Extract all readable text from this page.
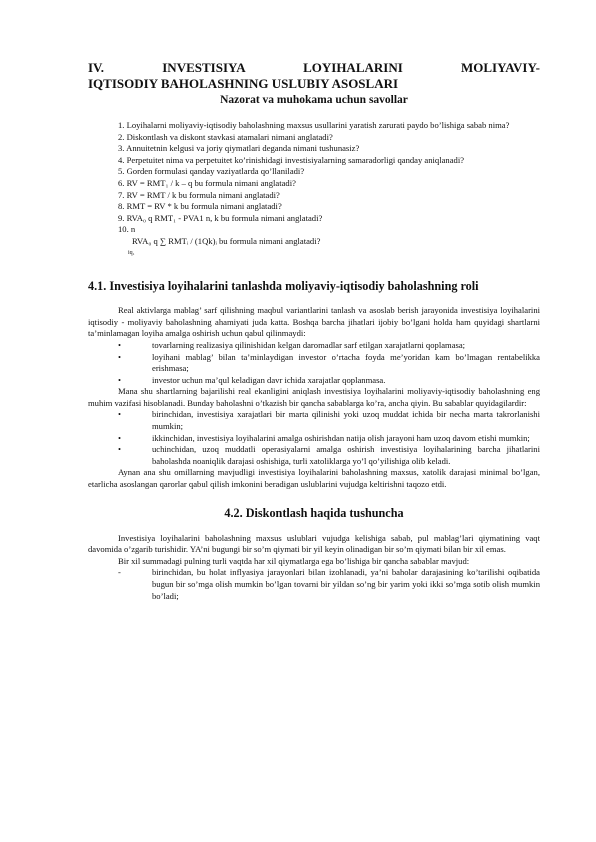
IV. INVESTISIYA LOYIHALARINI MOLIYAVIY-
IQTISODIY BAHOLASHNING USLUBIY ASOSLARI
Nazorat va muhokama uchun savollar
1. Loyihalarni moliyaviy-iqtisodiy baholashning maxsus usullarini yaratish zarurati paydo bo’lishiga sabab nima?
2. Diskontlash va diskont stavkasi atamalari nimani anglatadi?
3. Annuitetnin kelgusi va joriy qiymatlari deganda nimani tushunasiz?
4. Perpetuitet nima va perpetuitet ko’rinishidagi investisiyalarning samaradorligi qanday aniqlanadi?
5. Gorden formulasi qanday vaziyatlarda qo’llaniladi?
6. RV = RMT₁ / k – q bu formula nimani anglatadi?
7. RV = RMT / k bu formula nimani anglatadi?
8. RMT = RV * k bu formula nimani anglatadi?
9. RVA₀ q RMT₁ - PVA1 n, k bu formula nimani anglatadi?
10. n
RVA₀ q ∑ RMTᵢ / (1Qk)ᵢ bu formula nimani anglatadi?
iq₁
4.1. Investisiya loyihalarini tanlashda moliyaviy-iqtisodiy baholashning roli

Real aktivlarga mablag’ sarf qilishning maqbul variantlarini tanlash va asoslab berish jarayonida investisiya loyihalarini iqtisodiy - moliyaviy baholashning ahamiyati juda katta. Boshqa barcha jihatlari ijobiy bo’lgani holda ham quyidagi shartlarni ta’minlamagan loyiha amalga oshirish uchun qabul qilinmaydi:

•	tovarlarning realizasiya qilinishidan kelgan daromadlar sarf etilgan xarajatlarni qoplamasa;
•	loyihani mablag’ bilan ta’minlaydigan investor o’rtacha foyda me’yoridan kam bo’lmagan rentabelikka erishmasa;
•	investor uchun ma’qul keladigan davr ichida xarajatlar qoplanmasa.

Mana shu shartlarning bajarilishi real ekanligini aniqlash investisiya loyihalarini moliyaviy-iqtisodiy baholashning eng muhim vazifasi hisoblanadi. Bunday baholashni o’tkazish bir qancha sabablarga ko’ra, ancha qiyin. Bu sabablar quyidagilardir:

•	birinchidan, investisiya xarajatlari bir marta qilinishi yoki uzoq muddat ichida bir necha marta takrorlanishi mumkin;
•	ikkinchidan, investisiya loyihalarini amalga oshirishdan natija olish jarayoni ham uzoq davom etishi mumkin;
•	uchinchidan, uzoq muddatli operasiyalarni amalga oshirish investisiya loyihalarining barcha jihatlarini baholashda noaniqlik darajasi oshishiga, turli xatoliklarga yo’l qo’yilishiga olib keladi.

Aynan ana shu omillarning mavjudligi investisiya loyihalarini baholashning maxsus, xatolik darajasi minimal bo’lgan, etarlicha asoslangan qarorlar qabul qilish imkonini beradigan uslublarini vujudga keltirishni taqozo etdi.

4.2. Diskontlash haqida tushuncha

Investisiya loyihalarini baholashning maxsus uslublari vujudga kelishiga sabab, pul mablag’lari qiymatining vaqt davomida o’zgarib turishidir. YA’ni bugungi bir so’m qiymati bir yil keyin olinadigan bir so’m qiymati bilan bir xil emas.

Bir xil summadagi pulning turli vaqtda har xil qiymatlarga ega bo’lishiga bir qancha sabablar mavjud:

-	birinchidan, bu holat inflyasiya jarayonlari bilan izohlanadi, ya’ni baholar darajasining ko’tarilishi oqibatida bugun bir so’mga olish mumkin bo’lgan tovarni bir yildan so’ng bir yarim yoki ikki so’mga sotib olish mumkin bo’ladi;
